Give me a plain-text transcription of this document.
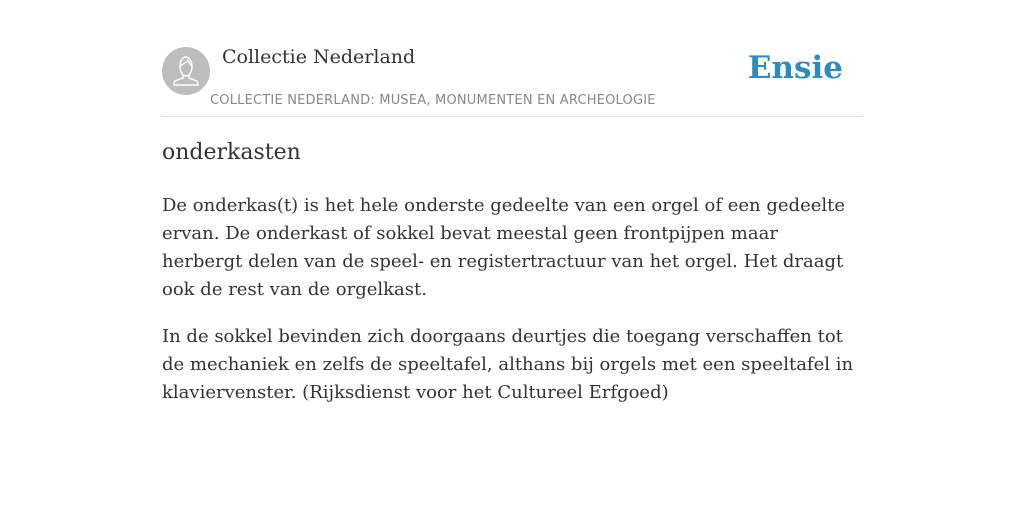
Collectie Nederland
COLLECTIE NEDERLAND: MUSEA, MONUMENTEN EN ARCHEOLOGIE
Ensie
onderkasten

De onderkas(t) is het hele onderste gedeelte van een orgel of een gedeelte ervan. De onderkast of sokkel bevat meestal geen frontpijpen maar herbergt delen van de speel- en registertractuur van het orgel. Het draagt ook de rest van de orgelkast.

In de sokkel bevinden zich doorgaans deurtjes die toegang verschaffen tot de mechaniek en zelfs de speeltafel, althans bij orgels met een speeltafel in klaviervenster. (Rijksdienst voor het Cultureel Erfgoed)
